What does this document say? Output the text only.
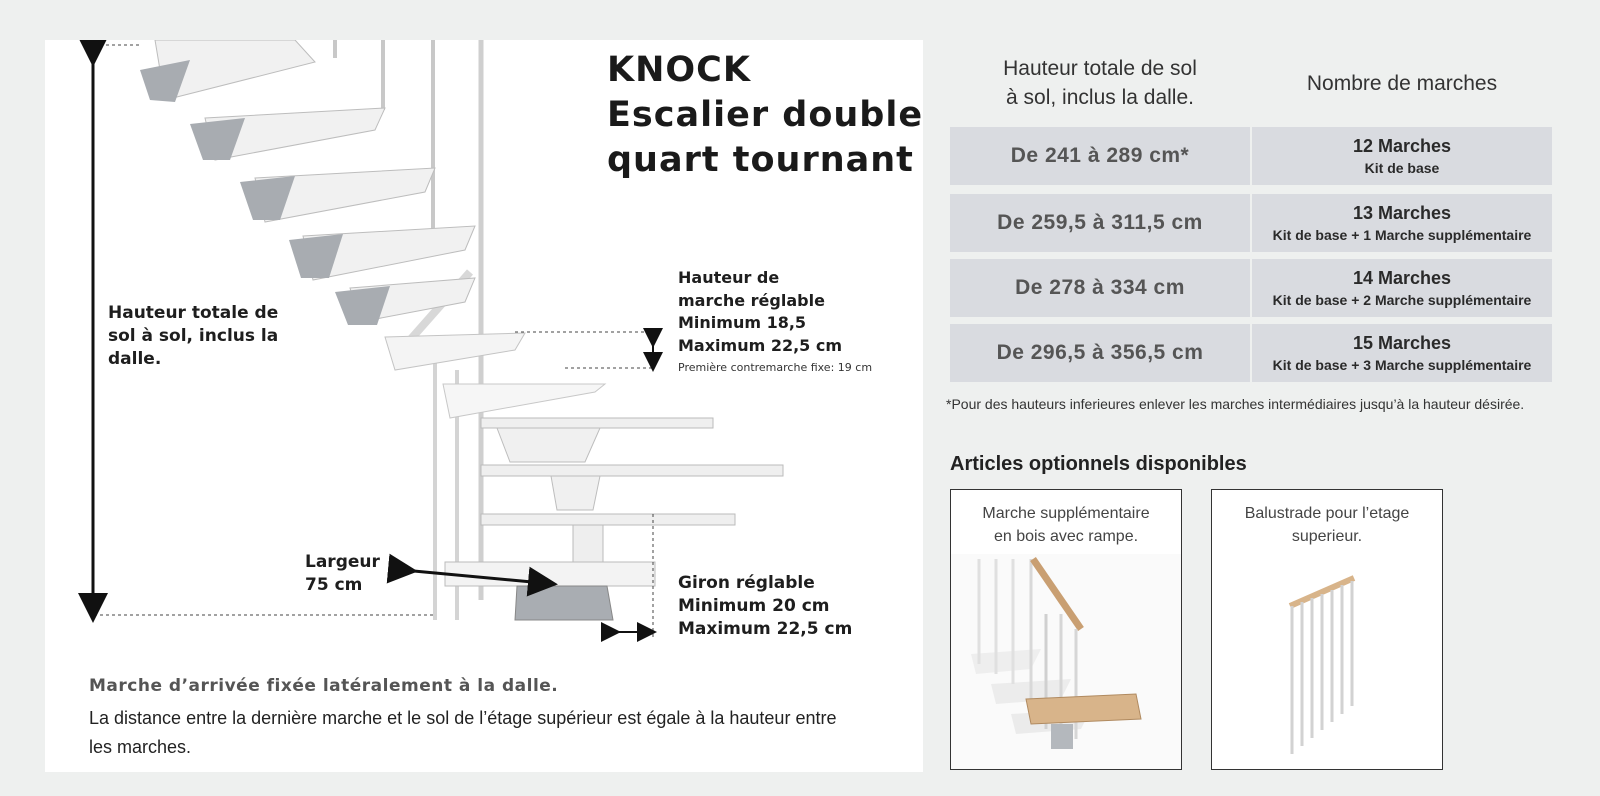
KNOCK
Escalier double
quart tournant
Hauteur totale de
sol à sol, inclus la
dalle.
Hauteur de
marche réglable
Minimum 18,5
Maximum 22,5 cm
Première contremarche fixe: 19 cm
Largeur
75 cm	Giron réglable
Minimum 20 cm
Maximum 22,5 cm
Marche d’arrivée fixée latéralement à la dalle.
La distance entre la dernière marche et le sol de l’étage supérieur est égale à la hauteur entre les marches.
Hauteur totale de sol
à sol, inclus la dalle.
Nombre de marches
De 241 à 289 cm*	12 Marches
Kit de base
De 259,5 à 311,5 cm	13 Marches
Kit de base + 1 Marche supplémentaire
De 278 à 334 cm	14 Marches
Kit de base + 2 Marche supplémentaire
De 296,5 à 356,5 cm	15 Marches
Kit de base + 3 Marche supplémentaire
*Pour des hauteurs inferieures enlever les marches intermédiaires jusqu’à la hauteur désirée.
Articles optionnels disponibles
Marche supplémentaire
en bois avec rampe.
Balustrade pour l’etage
superieur.
